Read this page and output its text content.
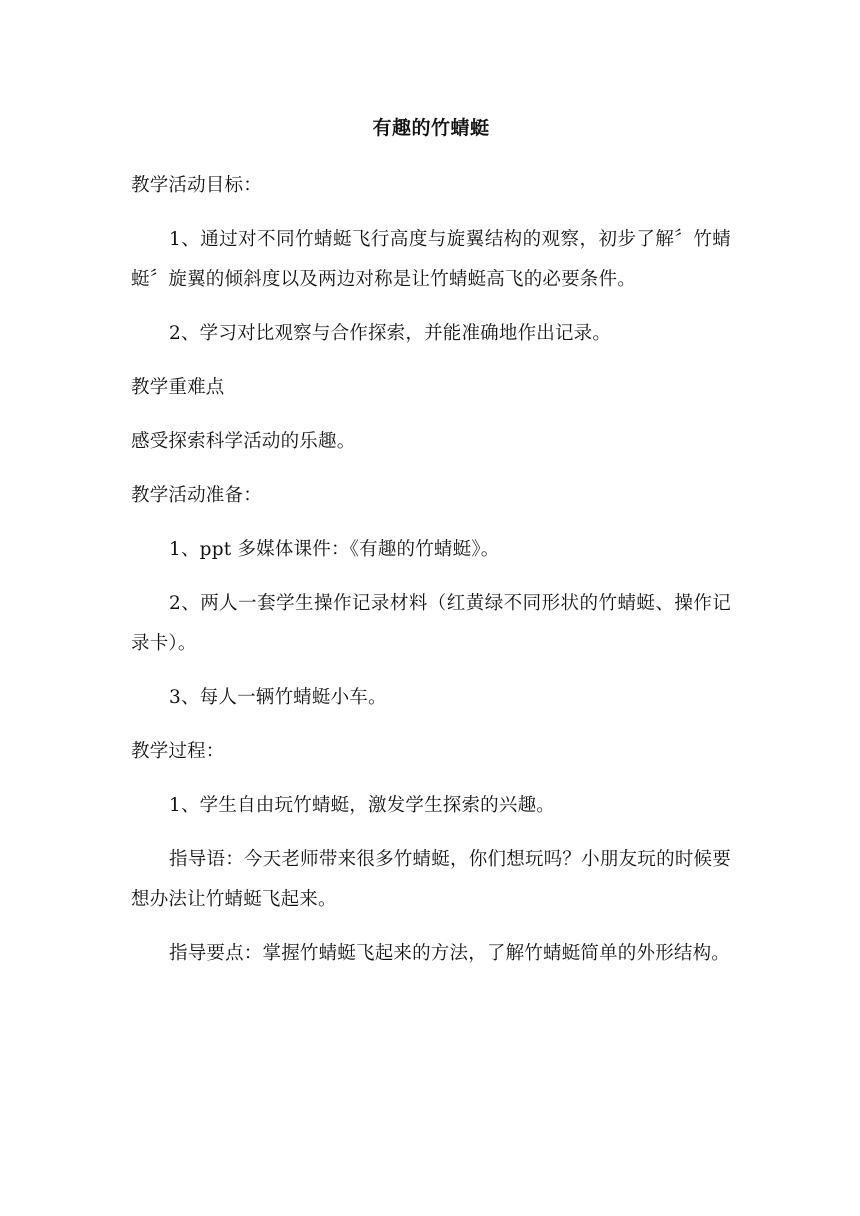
有趣的竹蜻蜓

教学活动目标：

1、通过对不同竹蜻蜓飞行高度与旋翼结构的观察，初步了解〞竹蜻蜓〞旋翼的倾斜度以及两边对称是让竹蜻蜓高飞的必要条件。

2、学习对比观察与合作探索，并能准确地作出记录。

教学重难点

感受探索科学活动的乐趣。

教学活动准备：

1、ppt 多媒体课件：《有趣的竹蜻蜓》。

2、两人一套学生操作记录材料（红黄绿不同形状的竹蜻蜓、操作记录卡）。

3、每人一辆竹蜻蜓小车。

教学过程：

1、学生自由玩竹蜻蜓，激发学生探索的兴趣。

指导语：今天老师带来很多竹蜻蜓，你们想玩吗？小朋友玩的时候要想办法让竹蜻蜓飞起来。

指导要点：掌握竹蜻蜓飞起来的方法，了解竹蜻蜓简单的外形结构。
